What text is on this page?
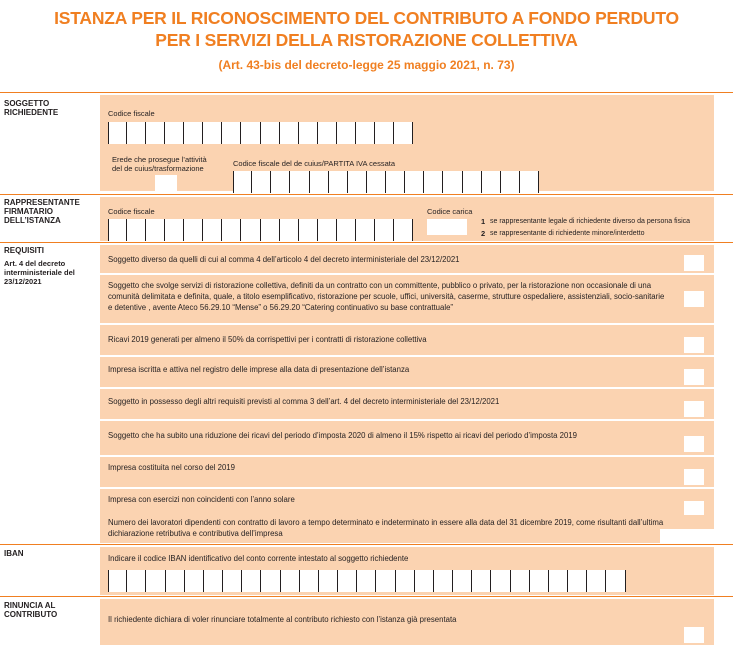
ISTANZA PER IL RICONOSCIMENTO DEL CONTRIBUTO A FONDO PERDUTO
PER I SERVIZI DELLA RISTORAZIONE COLLETTIVA
(Art. 43-bis del decreto-legge 25 maggio 2021, n. 73)
SOGGETTO RICHIEDENTE	Codice fiscale
Erede che prosegue l’attività
del de cuius/trasformazione
Codice fiscale del de cuius/PARTITA IVA cessata
RAPPRESENTANTE FIRMATARIO DELL’ISTANZA
Codice fiscale	Codice carica
1 se rappresentante legale di richiedente diverso da persona fisica
2 se rappresentante di richiedente minore/interdetto
REQUISITI
Art. 4 del decreto interministeriale del 23/12/2021
Soggetto diverso da quelli di cui al comma 4 dell’articolo 4 del decreto interministeriale del 23/12/2021
Soggetto che svolge servizi di ristorazione collettiva, definiti da un contratto con un committente, pubblico o privato, per la ristorazione non occasionale di una comunità delimitata e definita, quale, a titolo esemplificativo, ristorazione per scuole, uffici, università, caserme, strutture ospedaliere, assistenziali, socio-sanitarie e detentive , avente Ateco 56.29.10 “Mense” o 56.29.20 “Catering continuativo su base contrattuale”
Ricavi 2019 generati per almeno il 50% da corrispettivi per i contratti di ristorazione collettiva
Impresa iscritta e attiva nel registro delle imprese alla data di presentazione dell’istanza
Soggetto in possesso degli altri requisiti previsti al comma 3 dell’art. 4 del decreto interministeriale del 23/12/2021
Soggetto che ha subito una riduzione dei ricavi del periodo d’imposta 2020 di almeno il 15% rispetto ai ricavi del periodo d’imposta 2019
Impresa costituita nel corso del 2019
Impresa con esercizi non coincidenti con l’anno solare
Numero dei lavoratori dipendenti con contratto di lavoro a tempo determinato e indeterminato in essere alla data del 31 dicembre 2019, come risultanti dall’ultima dichiarazione retributiva e contributiva dell’impresa
IBAN
Indicare il codice IBAN identificativo del conto corrente intestato al soggetto richiedente
RINUNCIA AL CONTRIBUTO
Il richiedente dichiara di voler rinunciare totalmente al contributo richiesto con l’istanza già presentata
